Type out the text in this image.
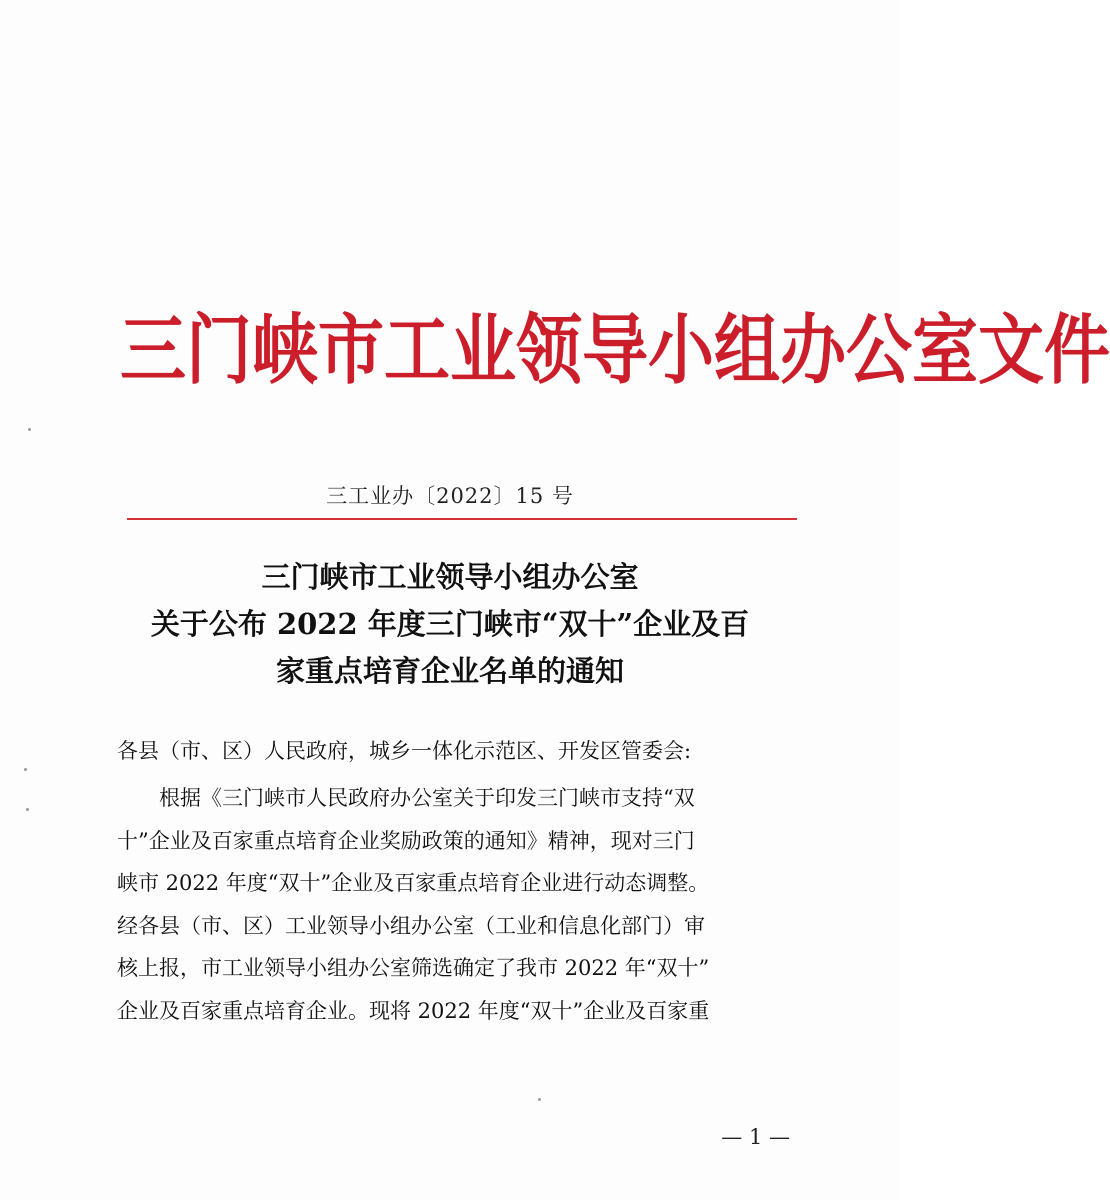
三 门 峡 市 工 业 领 导 小 组 办 公 室 文 件
三工业办〔2022〕15 号
三门峡市工业领导小组办公室
关于公布 2022 年度三门峡市“双十”企业及百
家重点培育企业名单的通知
各县（市、区）人民政府，城乡一体化示范区、开发区管委会:
根据《三门峡市人民政府办公室关于印发三门峡市支持“双
十”企业及百家重点培育企业奖励政策的通知》精神，现对三门
峡市 2022 年度“双十”企业及百家重点培育企业进行动态调整。
经各县（市、区）工业领导小组办公室（工业和信息化部门）审
核上报，市工业领导小组办公室筛选确定了我市 2022 年“双十”
企业及百家重点培育企业。现将 2022 年度“双十”企业及百家重
— 1 —
